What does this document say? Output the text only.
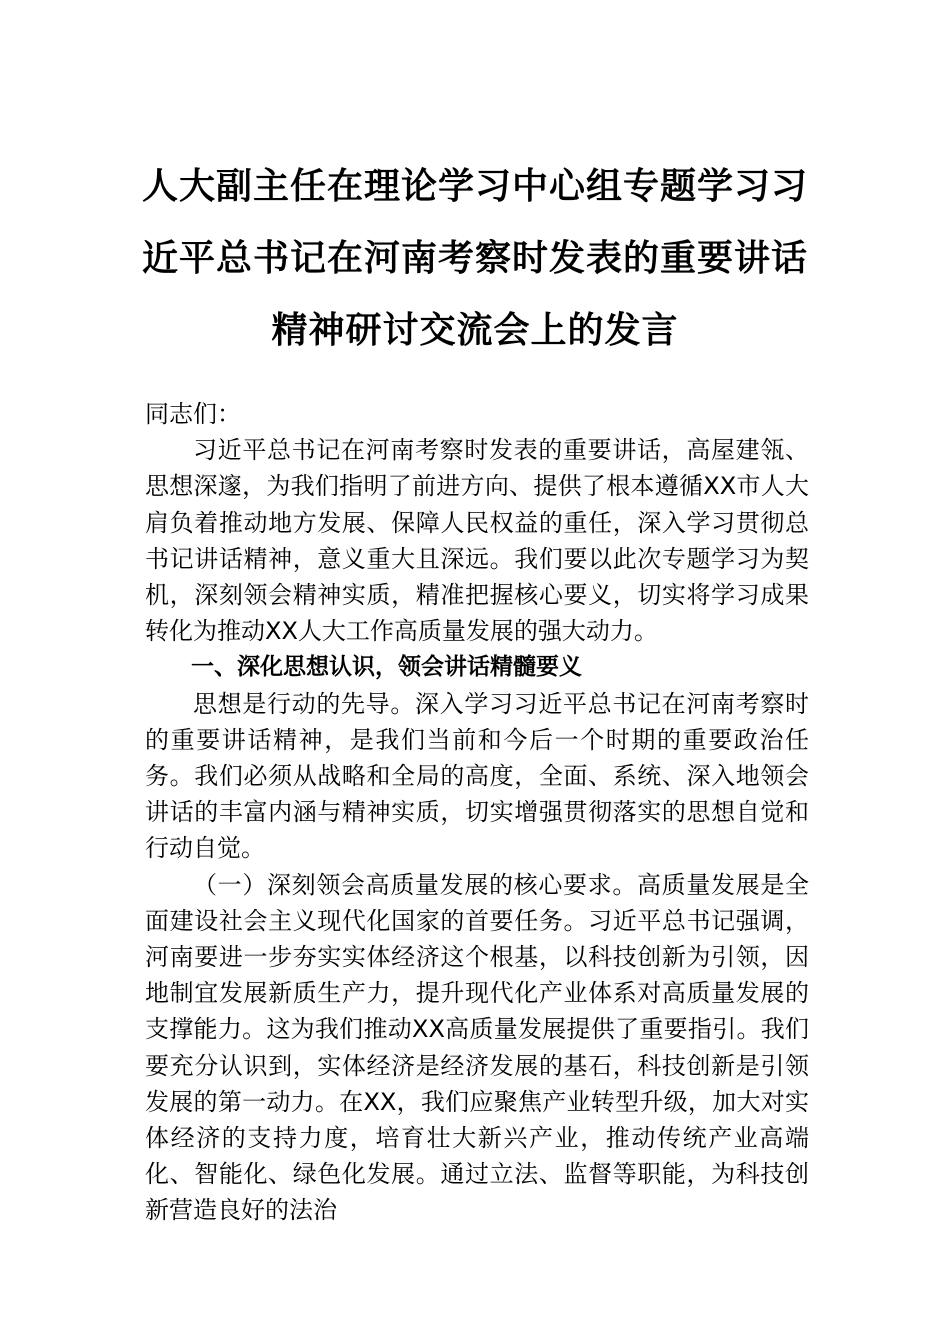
人大副主任在理论学习中心组专题学习习
近平总书记在河南考察时发表的重要讲话
精神研讨交流会上的发言

同志们：

习近平总书记在河南考察时发表的重要讲话，高屋建瓴、思想深邃，为我们指明了前进方向、提供了根本遵循XX市人大肩负着推动地方发展、保障人民权益的重任，深入学习贯彻总书记讲话精神，意义重大且深远。我们要以此次专题学习为契机，深刻领会精神实质，精准把握核心要义，切实将学习成果转化为推动XX人大工作高质量发展的强大动力。

一、深化思想认识，领会讲话精髓要义

思想是行动的先导。深入学习习近平总书记在河南考察时的重要讲话精神，是我们当前和今后一个时期的重要政治任务。我们必须从战略和全局的高度，全面、系统、深入地领会讲话的丰富内涵与精神实质，切实增强贯彻落实的思想自觉和行动自觉。

（一）深刻领会高质量发展的核心要求。高质量发展是全面建设社会主义现代化国家的首要任务。习近平总书记强调，河南要进一步夯实实体经济这个根基，以科技创新为引领，因地制宜发展新质生产力，提升现代化产业体系对高质量发展的支撑能力。这为我们推动XX高质量发展提供了重要指引。我们要充分认识到，实体经济是经济发展的基石，科技创新是引领发展的第一动力。在XX，我们应聚焦产业转型升级，加大对实体经济的支持力度，培育壮大新兴产业，推动传统产业高端化、智能化、绿色化发展。通过立法、监督等职能，为科技创新营造良好的法治
